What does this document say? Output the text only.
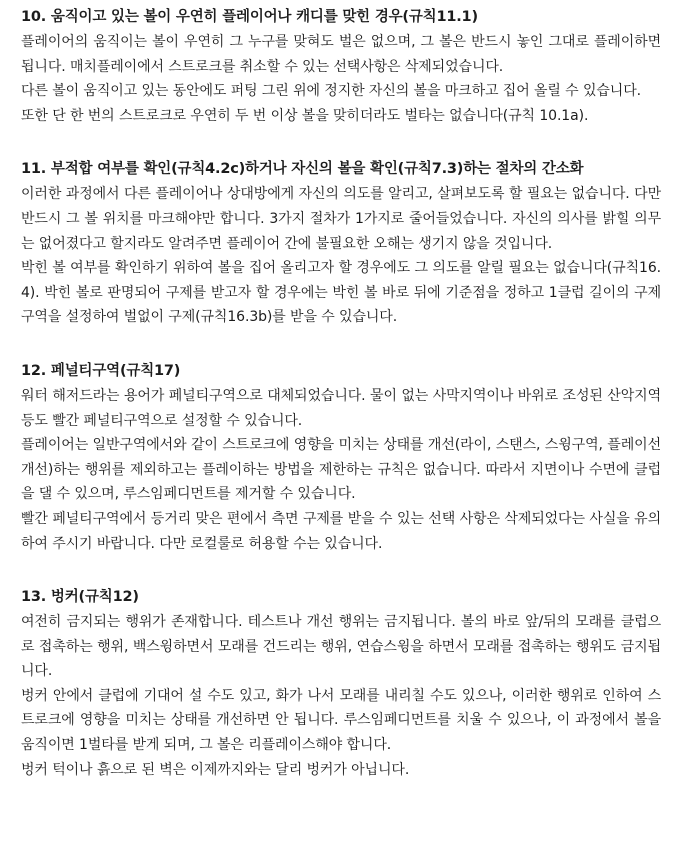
10. 움직이고 있는 볼이 우연히 플레이어나 캐디를 맞힌 경우(규칙11.1)

플레이어의 움직이는 볼이 우연히 그 누구를 맞혀도 벌은 없으며, 그 볼은 반드시 놓인 그대로 플레이하면 됩니다. 매치플레이에서 스트로크를 취소할 수 있는 선택사항은 삭제되었습니다.

다른 볼이 움직이고 있는 동안에도 퍼팅 그린 위에 정지한 자신의 볼을 마크하고 집어 올릴 수 있습니다.

또한 단 한 번의 스트로크로 우연히 두 번 이상 볼을 맞히더라도 벌타는 없습니다(규칙 10.1a).

11. 부적합 여부를 확인(규칙4.2c)하거나 자신의 볼을 확인(규칙7.3)하는 절차의 간소화

이러한 과정에서 다른 플레이어나 상대방에게 자신의 의도를 알리고, 살펴보도록 할 필요는 없습니다. 다만 반드시 그 볼 위치를 마크해야만 합니다. 3가지 절차가 1가지로 줄어들었습니다. 자신의 의사를 밝힐 의무는 없어졌다고 할지라도 알려주면 플레이어 간에 불필요한 오해는 생기지 않을 것입니다.

박힌 볼 여부를 확인하기 위하여 볼을 집어 올리고자 할 경우에도 그 의도를 알릴 필요는 없습니다(규칙16.4). 박힌 볼로 판명되어 구제를 받고자 할 경우에는 박힌 볼 바로 뒤에 기준점을 정하고 1클럽 길이의 구제구역을 설정하여 벌없이 구제(규칙16.3b)를 받을 수 있습니다.

12. 페널티구역(규칙17)

워터 해저드라는 용어가 페널티구역으로 대체되었습니다. 물이 없는 사막지역이나 바위로 조성된 산악지역 등도 빨간 페널티구역으로 설정할 수 있습니다.

플레이어는 일반구역에서와 같이 스트로크에 영향을 미치는 상태를 개선(라이, 스탠스, 스윙구역, 플레이선 개선)하는 행위를 제외하고는 플레이하는 방법을 제한하는 규칙은 없습니다. 따라서 지면이나 수면에 클럽을 댈 수 있으며, 루스임페디먼트를 제거할 수 있습니다.

빨간 페널티구역에서 등거리 맞은 편에서 측면 구제를 받을 수 있는 선택 사항은 삭제되었다는 사실을 유의하여 주시기 바랍니다. 다만 로컬룰로 허용할 수는 있습니다.

13. 벙커(규칙12)

여전히 금지되는 행위가 존재합니다. 테스트나 개선 행위는 금지됩니다. 볼의 바로 앞/뒤의 모래를 클럽으로 접촉하는 행위, 백스윙하면서 모래를 건드리는 행위, 연습스윙을 하면서 모래를 접촉하는 행위도 금지됩니다.

벙커 안에서 클럽에 기대어 설 수도 있고, 화가 나서 모래를 내리칠 수도 있으나, 이러한 행위로 인하여 스트로크에 영향을 미치는 상태를 개선하면 안 됩니다. 루스임페디먼트를 치울 수 있으나, 이 과정에서 볼을 움직이면 1벌타를 받게 되며, 그 볼은 리플레이스해야 합니다.

벙커 턱이나 흙으로 된 벽은 이제까지와는 달리 벙커가 아닙니다.
